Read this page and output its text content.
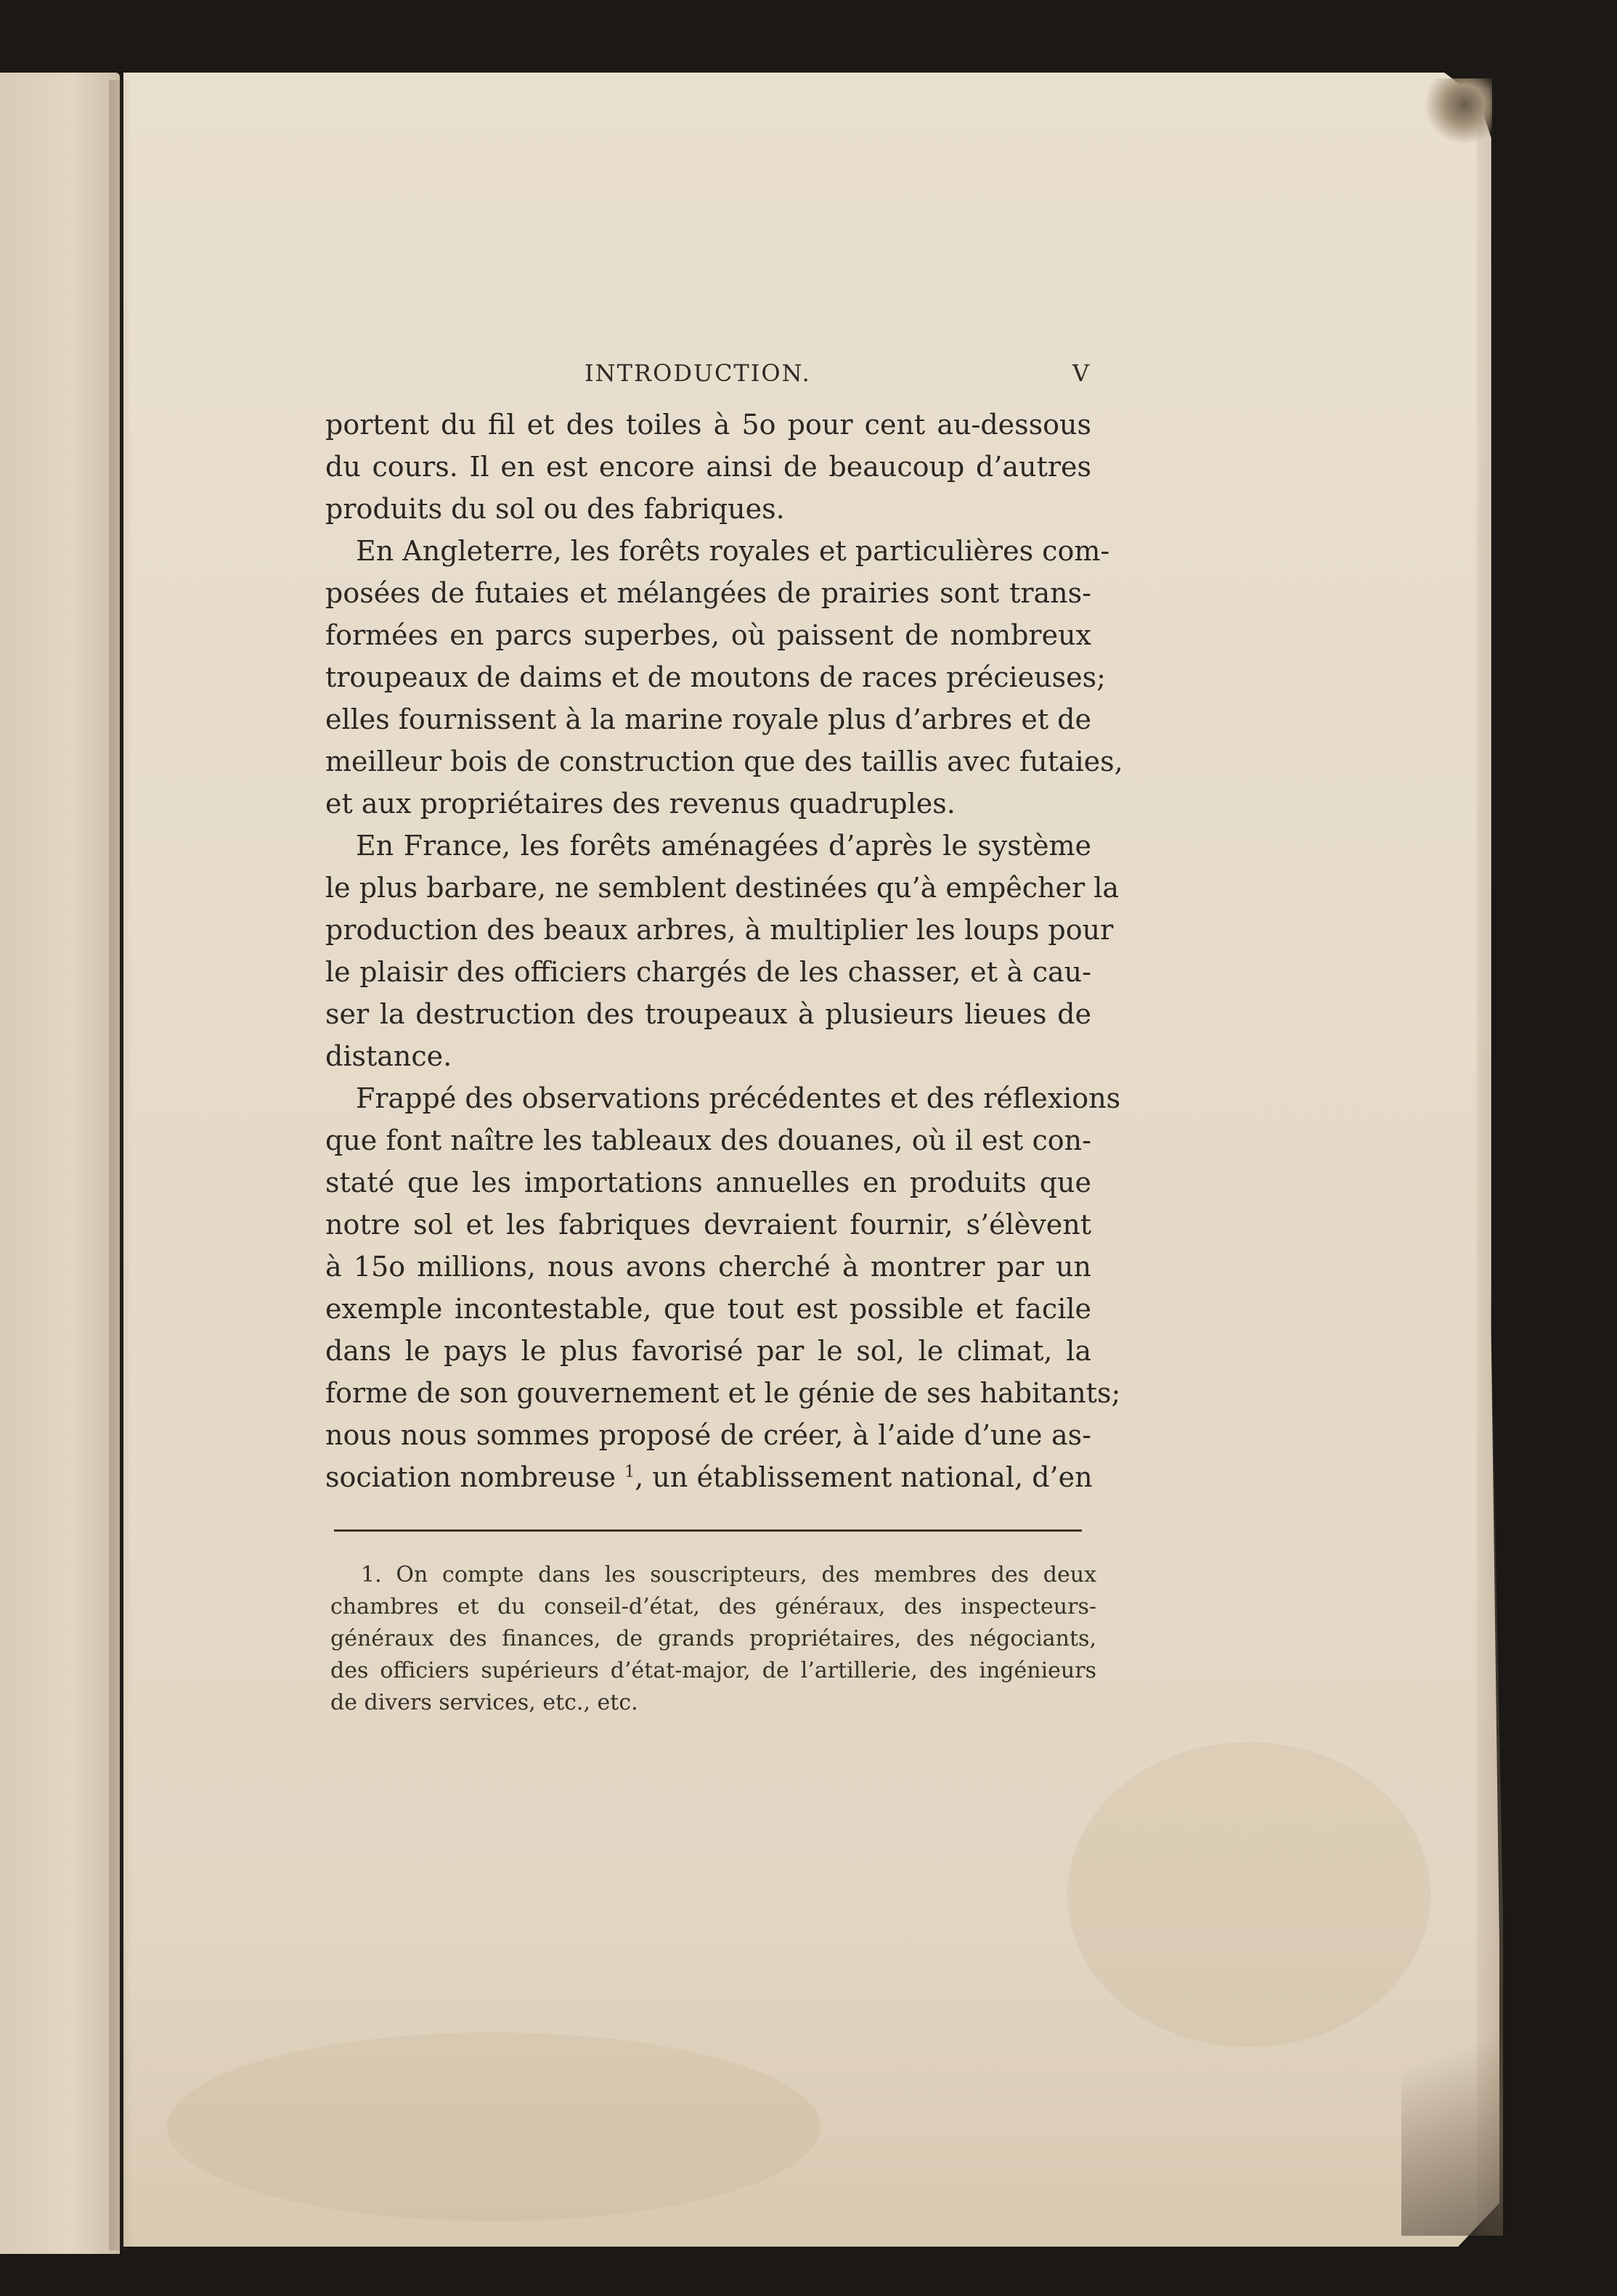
INTRODUCTION.	V
portent du fil et des toiles à 5o pour cent au-dessous
du cours. Il en est encore ainsi de beaucoup d’autres
produits du sol ou des fabriques.
En Angleterre, les forêts royales et particulières com-
posées de futaies et mélangées de prairies sont trans-
formées en parcs superbes, où paissent de nombreux
troupeaux de daims et de moutons de races précieuses;
elles fournissent à la marine royale plus d’arbres et de
meilleur bois de construction que des taillis avec futaies,
et aux propriétaires des revenus quadruples.
En France, les forêts aménagées d’après le système
le plus barbare, ne semblent destinées qu’à empêcher la
production des beaux arbres, à multiplier les loups pour
le plaisir des officiers chargés de les chasser, et à cau-
ser la destruction des troupeaux à plusieurs lieues de
distance.
Frappé des observations précédentes et des réflexions
que font naître les tableaux des douanes, où il est con-
staté que les importations annuelles en produits que
notre sol et les fabriques devraient fournir, s’élèvent
à 15o millions, nous avons cherché à montrer par un
exemple incontestable, que tout est possible et facile
dans le pays le plus favorisé par le sol, le climat, la
forme de son gouvernement et le génie de ses habitants;
nous nous sommes proposé de créer, à l’aide d’une as-
sociation nombreuse $^1$, un établissement national, d’en
1. On compte dans les souscripteurs, des membres des deux
chambres et du conseil-d’état, des généraux, des inspecteurs-
généraux des finances, de grands propriétaires, des négociants,
des officiers supérieurs d’état-major, de l’artillerie, des ingénieurs
de divers services, etc., etc.
